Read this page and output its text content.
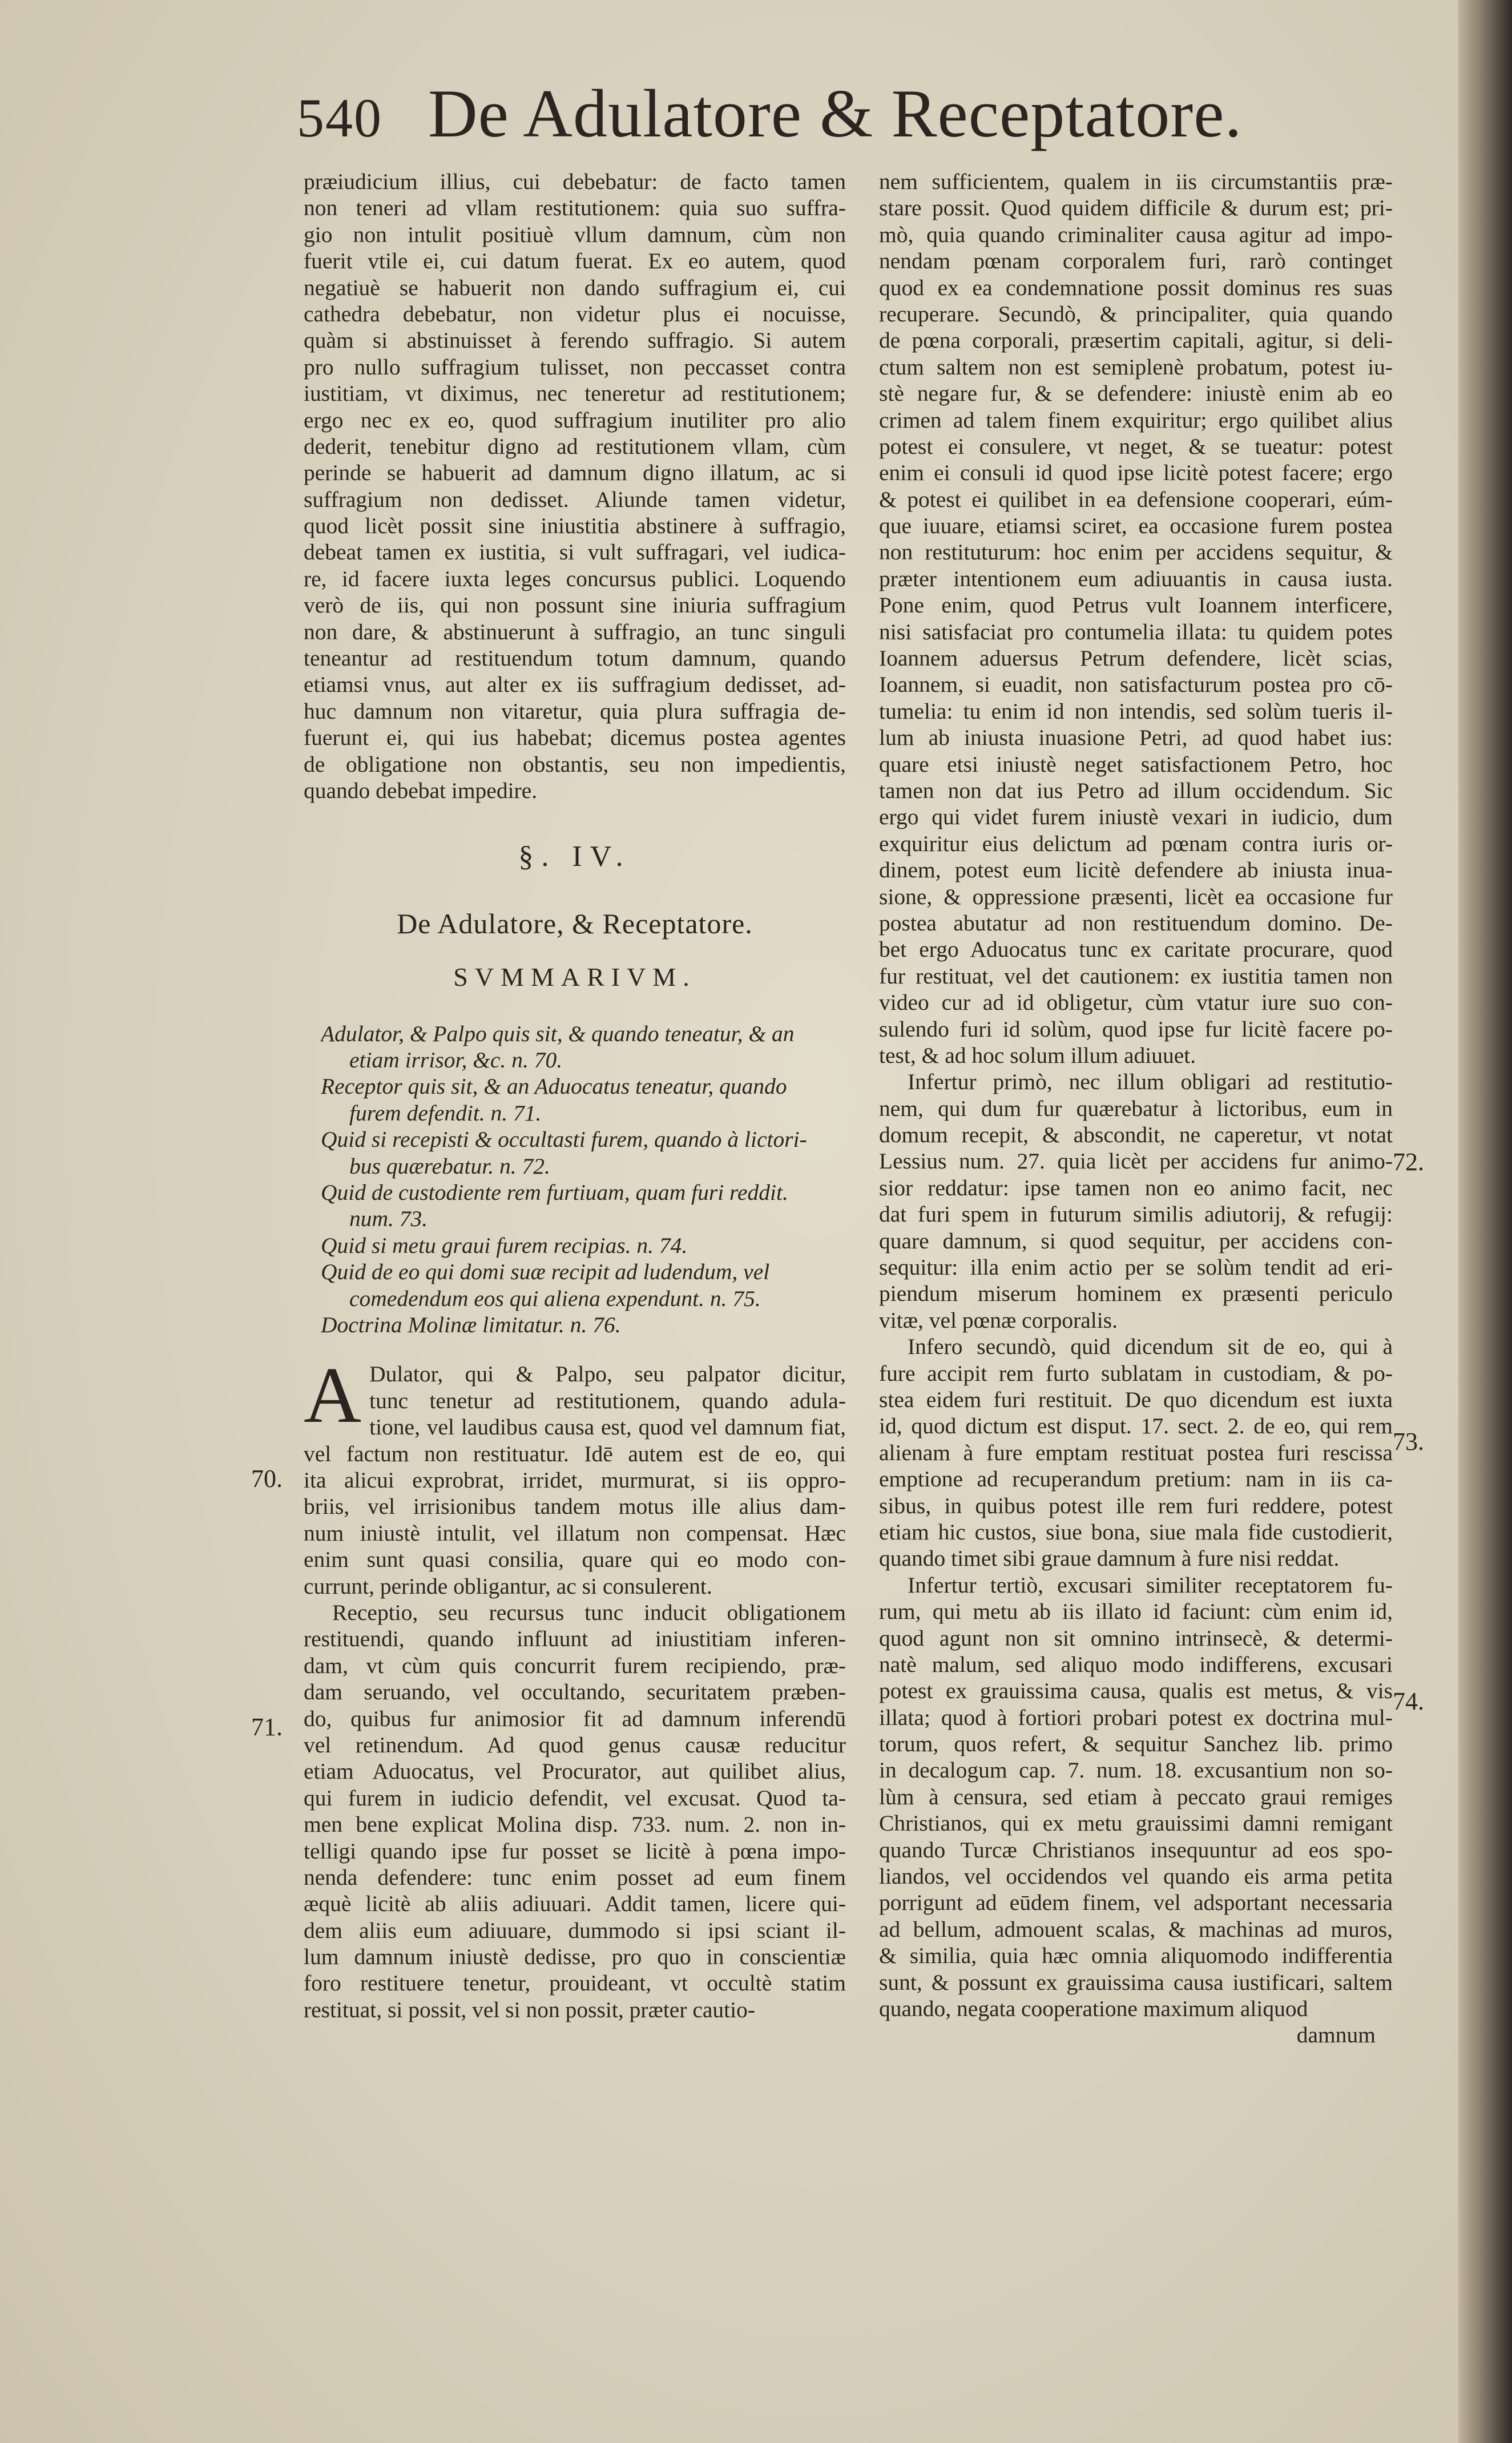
540 De Adulatore & Receptatore.
præiudicium illius, cui debebatur: de facto tamen
non teneri ad vllam restitutionem: quia suo suffra-
gio non intulit positiuè vllum damnum, cùm non
fuerit vtile ei, cui datum fuerat. Ex eo autem, quod
negatiuè se habuerit non dando suffragium ei, cui
cathedra debebatur, non videtur plus ei nocuisse,
quàm si abstinuisset à ferendo suffragio. Si autem
pro nullo suffragium tulisset, non peccasset contra
iustitiam, vt diximus, nec teneretur ad restitutionem;
ergo nec ex eo, quod suffragium inutiliter pro alio
dederit, tenebitur digno ad restitutionem vllam, cùm
perinde se habuerit ad damnum digno illatum, ac si
suffragium non dedisset. Aliunde tamen videtur,
quod licèt possit sine iniustitia abstinere à suffragio,
debeat tamen ex iustitia, si vult suffragari, vel iudica-
re, id facere iuxta leges concursus publici. Loquendo
verò de iis, qui non possunt sine iniuria suffragium
non dare, & abstinuerunt à suffragio, an tunc singuli
teneantur ad restituendum totum damnum, quando
etiamsi vnus, aut alter ex iis suffragium dedisset, ad-
huc damnum non vitaretur, quia plura suffragia de-
fuerunt ei, qui ius habebat; dicemus postea agentes
de obligatione non obstantis, seu non impedientis,
quando debebat impedire.
§. IV.
De Adulatore, & Receptatore.
SVMMARIVM.
Adulator, & Palpo quis sit, & quando teneatur, & an
etiam irrisor, &c. n. 70.
Receptor quis sit, & an Aduocatus teneatur, quando
furem defendit. n. 71.
Quid si recepisti & occultasti furem, quando à lictori-
bus quærebatur. n. 72.
Quid de custodiente rem furtiuam, quam furi reddit.
num. 73.
Quid si metu graui furem recipias. n. 74.
Quid de eo qui domi suæ recipit ad ludendum, vel
comedendum eos qui aliena expendunt. n. 75.
Doctrina Molinæ limitatur. n. 76.
A Dulator, qui & Palpo, seu palpator dicitur,
tunc tenetur ad restitutionem, quando adula-
tione, vel laudibus causa est, quod vel damnum fiat,
vel factum non restituatur. Idē autem est de eo, qui
ita alicui exprobrat, irridet, murmurat, si iis oppro-
briis, vel irrisionibus tandem motus ille alius dam-
num iniustè intulit, vel illatum non compensat. Hæc
enim sunt quasi consilia, quare qui eo modo con-
currunt, perinde obligantur, ac si consulerent.
Receptio, seu recursus tunc inducit obligationem
restituendi, quando influunt ad iniustitiam inferen-
dam, vt cùm quis concurrit furem recipiendo, præ-
dam seruando, vel occultando, securitatem præben-
do, quibus fur animosior fit ad damnum inferendū
vel retinendum. Ad quod genus causæ reducitur
etiam Aduocatus, vel Procurator, aut quilibet alius,
qui furem in iudicio defendit, vel excusat. Quod ta-
men bene explicat Molina disp. 733. num. 2. non in-
telligi quando ipse fur posset se licitè à pœna impo-
nenda defendere: tunc enim posset ad eum finem
æquè licitè ab aliis adiuuari. Addit tamen, licere qui-
dem aliis eum adiuuare, dummodo si ipsi sciant il-
lum damnum iniustè dedisse, pro quo in conscientiæ
foro restituere tenetur, prouideant, vt occultè statim
restituat, si possit, vel si non possit, præter cautio-
nem sufficientem, qualem in iis circumstantiis præ-
stare possit. Quod quidem difficile & durum est; pri-
mò, quia quando criminaliter causa agitur ad impo-
nendam pœnam corporalem furi, rarò continget
quod ex ea condemnatione possit dominus res suas
recuperare. Secundò, & principaliter, quia quando
de pœna corporali, præsertim capitali, agitur, si deli-
ctum saltem non est semiplenè probatum, potest iu-
stè negare fur, & se defendere: iniustè enim ab eo
crimen ad talem finem exquiritur; ergo quilibet alius
potest ei consulere, vt neget, & se tueatur: potest
enim ei consuli id quod ipse licitè potest facere; ergo
& potest ei quilibet in ea defensione cooperari, eúm-
que iuuare, etiamsi sciret, ea occasione furem postea
non restituturum: hoc enim per accidens sequitur, &
præter intentionem eum adiuuantis in causa iusta.
Pone enim, quod Petrus vult Ioannem interficere,
nisi satisfaciat pro contumelia illata: tu quidem potes
Ioannem aduersus Petrum defendere, licèt scias,
Ioannem, si euadit, non satisfacturum postea pro cō-
tumelia: tu enim id non intendis, sed solùm tueris il-
lum ab iniusta inuasione Petri, ad quod habet ius:
quare etsi iniustè neget satisfactionem Petro, hoc
tamen non dat ius Petro ad illum occidendum. Sic
ergo qui videt furem iniustè vexari in iudicio, dum
exquiritur eius delictum ad pœnam contra iuris or-
dinem, potest eum licitè defendere ab iniusta inua-
sione, & oppressione præsenti, licèt ea occasione fur
postea abutatur ad non restituendum domino. De-
bet ergo Aduocatus tunc ex caritate procurare, quod
fur restituat, vel det cautionem: ex iustitia tamen non
video cur ad id obligetur, cùm vtatur iure suo con-
sulendo furi id solùm, quod ipse fur licitè facere po-
test, & ad hoc solum illum adiuuet.
Infertur primò, nec illum obligari ad restitutio-
nem, qui dum fur quærebatur à lictoribus, eum in
domum recepit, & abscondit, ne caperetur, vt notat
Lessius num. 27. quia licèt per accidens fur animo-
sior reddatur: ipse tamen non eo animo facit, nec
dat furi spem in futurum similis adiutorij, & refugij:
quare damnum, si quod sequitur, per accidens con-
sequitur: illa enim actio per se solùm tendit ad eri-
piendum miserum hominem ex præsenti periculo
vitæ, vel pœnæ corporalis.
Infero secundò, quid dicendum sit de eo, qui à
fure accipit rem furto sublatam in custodiam, & po-
stea eidem furi restituit. De quo dicendum est iuxta
id, quod dictum est disput. 17. sect. 2. de eo, qui rem
alienam à fure emptam restituat postea furi rescissa
emptione ad recuperandum pretium: nam in iis ca-
sibus, in quibus potest ille rem furi reddere, potest
etiam hic custos, siue bona, siue mala fide custodierit,
quando timet sibi graue damnum à fure nisi reddat.
Infertur tertiò, excusari similiter receptatorem fu-
rum, qui metu ab iis illato id faciunt: cùm enim id,
quod agunt non sit omnino intrinsecè, & determi-
natè malum, sed aliquo modo indifferens, excusari
potest ex grauissima causa, qualis est metus, & vis
illata; quod à fortiori probari potest ex doctrina mul-
torum, quos refert, & sequitur Sanchez lib. primo
in decalogum cap. 7. num. 18. excusantium non so-
lùm à censura, sed etiam à peccato graui remiges
Christianos, qui ex metu grauissimi damni remigant
quando Turcæ Christianos insequuntur ad eos spo-
liandos, vel occidendos vel quando eis arma petita
porrigunt ad eūdem finem, vel adsportant necessaria
ad bellum, admouent scalas, & machinas ad muros,
& similia, quia hæc omnia aliquomodo indifferentia
sunt, & possunt ex grauissima causa iustificari, saltem
quando, negata cooperatione maximum aliquod
damnum
70.
71.
72.
73.
74.
